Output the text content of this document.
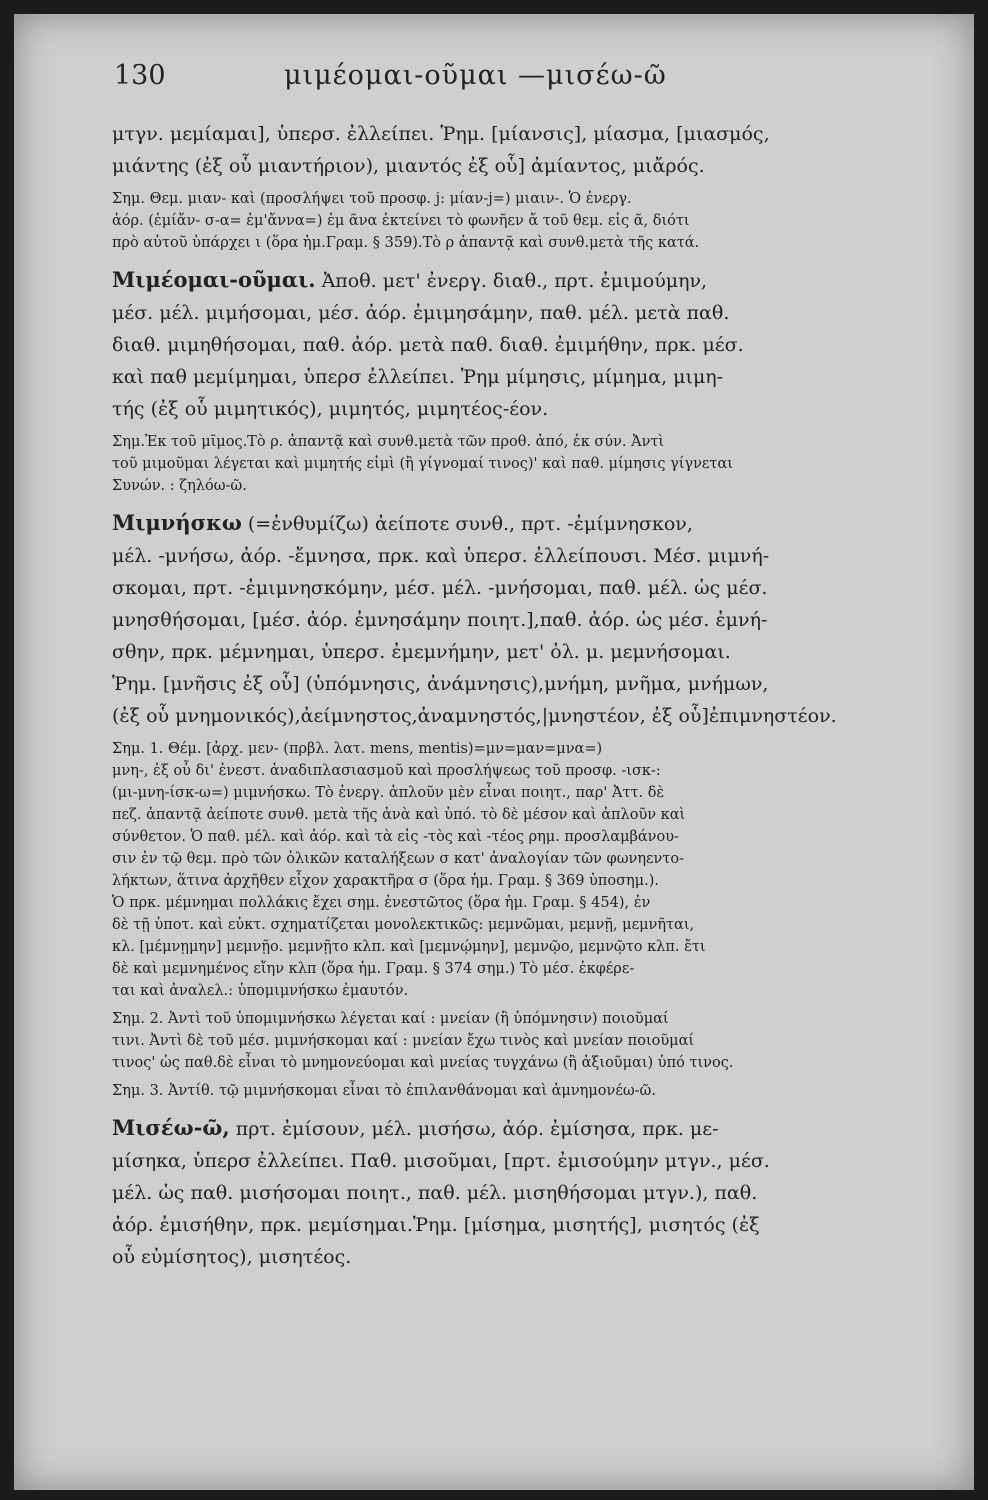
130	μιμέομαι-οῦμαι —μισέω-ῶ
μτγν. μεμίαμαι], ὑπερσ. ἐλλείπει. Ῥημ. [μίανσις], μίασμα, [μιασμός,
μιάντης (ἐξ οὗ μιαντήριον), μιαντός ἐξ οὗ] ἀμίαντος, μιἄρός.
Σημ. Θεμ. μιαν- καὶ (προσλήψει τοῦ προσφ. j: μίαν-j=) μιαιν-. Ὁ ἐνεργ.
ἀόρ. (ἐμίἄν- σ-α= ἐμ'ἄννα=) ἐμ ᾶνα ἐκτείνει τὸ φωνῆεν ἄ τοῦ θεμ. εἰς ᾶ, διότι
πρὸ αὐτοῦ ὑπάρχει ι (ὅρα ἡμ.Γραμ. § 359).Τὸ ρ ἀπαντᾷ καὶ συνθ.μετὰ τῆς κατά.
Μιμέομαι-οῦμαι. Ἀποθ. μετ' ἐνεργ. διαθ., πρτ. ἐμιμούμην,
μέσ. μέλ. μιμήσομαι, μέσ. ἀόρ. ἐμιμησάμην, παθ. μέλ. μετὰ παθ.
διαθ. μιμηθήσομαι, παθ. ἀόρ. μετὰ παθ. διαθ. ἐμιμήθην, πρκ. μέσ.
καὶ παθ μεμίμημαι, ὑπερσ ἐλλείπει. Ῥημ μίμησις, μίμημα, μιμη-
τής (ἐξ οὗ μιμητικός), μιμητός, μιμητέος-έον.
Σημ.Ἐκ τοῦ μῖμος.Τὸ ρ. ἀπαντᾷ καὶ συνθ.μετὰ τῶν προθ. ἀπό, ἐκ σύν. Ἀντὶ
τοῦ μιμοῦμαι λέγεται καὶ μιμητής εἰμὶ (ἢ γίγνομαί τινος)' καὶ παθ. μίμησις γίγνεται
Συνών. : ζηλόω-ῶ.
Μιμνήσκω (=ἐνθυμίζω) ἀείποτε συνθ., πρτ. -ἐμίμνησκον,
μέλ. -μνήσω, ἀόρ. -ἔμνησα, πρκ. καὶ ὑπερσ. ἐλλείπουσι. Μέσ. μιμνή-
σκομαι, πρτ. -ἐμιμνησκόμην, μέσ. μέλ. -μνήσομαι, παθ. μέλ. ὡς μέσ.
μνησθήσομαι, [μέσ. ἀόρ. ἐμνησάμην ποιητ.],παθ. ἀόρ. ὡς μέσ. ἐμνή-
σθην, πρκ. μέμνημαι, ὑπερσ. ἐμεμνήμην, μετ' ὁλ. μ. μεμνήσομαι.
Ῥημ. [μνῆσις ἐξ οὗ] (ὑπόμνησις, ἀνάμνησις),μνήμη, μνῆμα, μνήμων,
(ἐξ οὗ μνημονικός),ἀείμνηστος,ἀναμνηστός,|μνηστέον, ἐξ οὗ]ἐπιμνηστέον.
Σημ. 1. Θέμ. [ἀρχ. μεν- (πρβλ. λατ. mens, mentis)=μν=μαν=μνα=)
μνη-, ἐξ οὗ δι' ἐνεστ. ἀναδιπλασιασμοῦ καὶ προσλήψεως τοῦ προσφ. -ισκ-:
(μι-μνη-ίσκ-ω=) μιμνήσκω. Τὸ ἐνεργ. ἁπλοῦν μὲν εἶναι ποιητ., παρ' Ἀττ. δὲ
πεζ. ἀπαντᾷ ἀείποτε συνθ. μετὰ τῆς ἀνὰ καὶ ὑπό. τὸ δὲ μέσον καὶ ἁπλοῦν καὶ
σύνθετον. Ὁ παθ. μέλ. καὶ ἀόρ. καὶ τὰ εἰς -τὸς καὶ -τέος ρημ. προσλαμβάνου-
σιν ἐν τῷ θεμ. πρὸ τῶν ὀλικῶν καταλήξεων σ κατ' ἀναλογίαν τῶν φωνηεντο-
λήκτων, ἅτινα ἀρχῆθεν εἶχον χαρακτῆρα σ (ὅρα ἡμ. Γραμ. § 369 ὑποσημ.).
Ὁ πρκ. μέμνημαι πολλάκις ἔχει σημ. ἐνεστῶτος (ὅρα ἡμ. Γραμ. § 454), ἐν
δὲ τῇ ὑποτ. καὶ εὐκτ. σχηματίζεται μονολεκτικῶς: μεμνῶμαι, μεμνῇ, μεμνῆται,
κλ. [μέμνῃμην] μεμνῇο. μεμνῇτο κλπ. καὶ [μεμνῴμην], μεμνῷο, μεμνῷτο κλπ. ἔτι
δὲ καὶ μεμνημένος εἴην κλπ (ὅρα ἡμ. Γραμ. § 374 σημ.) Τὸ μέσ. ἐκφέρε-
ται καὶ ἀναλελ.: ὑπομιμνήσκω ἐμαυτόν.
Σημ. 2. Ἀντὶ τοῦ ὑπομιμνήσκω λέγεται καί : μνείαν (ἢ ὑπόμνησιν) ποιοῦμαί
τινι. Ἀντὶ δὲ τοῦ μέσ. μιμνήσκομαι καί : μνείαν ἔχω τινὸς καὶ μνείαν ποιοῦμαί
τινος' ὡς παθ.δὲ εἶναι τὸ μνημονεύομαι καὶ μνείας τυγχάνω (ἢ ἀξιοῦμαι) ὑπό τινος.
Σημ. 3. Ἀντίθ. τῷ μιμνήσκομαι εἶναι τὸ ἐπιλανθάνομαι καὶ ἀμνημονέω-ῶ.
Μισέω-ῶ, πρτ. ἐμίσουν, μέλ. μισήσω, ἀόρ. ἐμίσησα, πρκ. με-
μίσηκα, ὑπερσ ἐλλείπει. Παθ. μισοῦμαι, [πρτ. ἐμισούμην μτγν., μέσ.
μέλ. ὡς παθ. μισήσομαι ποιητ., παθ. μέλ. μισηθήσομαι μτγν.), παθ.
ἀόρ. ἐμισήθην, πρκ. μεμίσημαι.Ῥημ. [μίσημα, μισητής], μισητός (ἐξ
οὗ εὐμίσητος), μισητέος.
